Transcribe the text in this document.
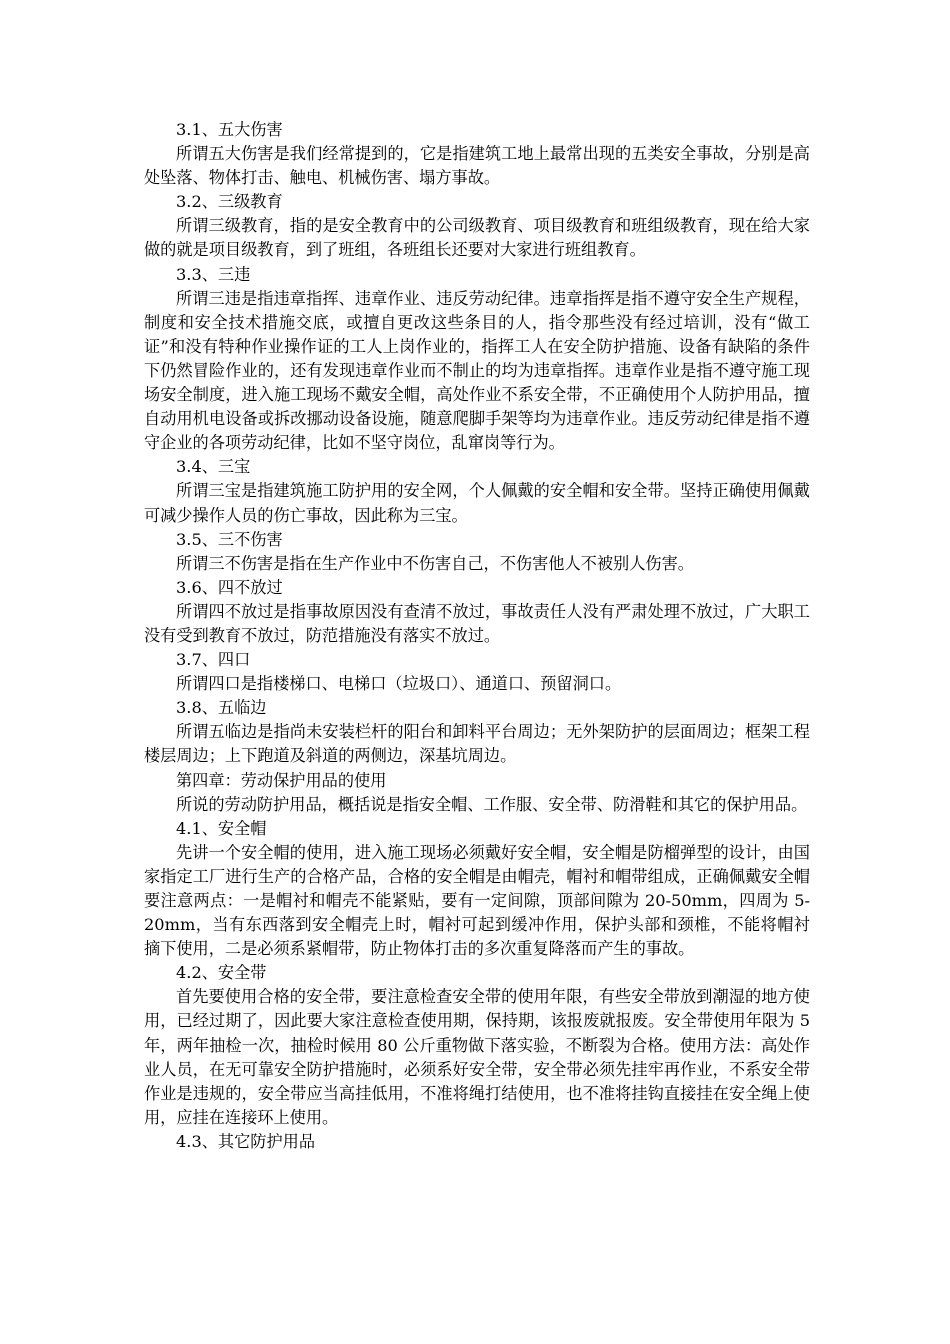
3.1、五大伤害

所谓五大伤害是我们经常提到的，它是指建筑工地上最常出现的五类安全事故，分别是高处坠落、物体打击、触电、机械伤害、塌方事故。

3.2、三级教育

所谓三级教育，指的是安全教育中的公司级教育、项目级教育和班组级教育，现在给大家做的就是项目级教育，到了班组，各班组长还要对大家进行班组教育。

3.3、三违

所谓三违是指违章指挥、违章作业、违反劳动纪律。违章指挥是指不遵守安全生产规程，制度和安全技术措施交底，或擅自更改这些条目的人，指令那些没有经过培训，没有“做工证”和没有特种作业操作证的工人上岗作业的，指挥工人在安全防护措施、设备有缺陷的条件下仍然冒险作业的，还有发现违章作业而不制止的均为违章指挥。违章作业是指不遵守施工现场安全制度，进入施工现场不戴安全帽，高处作业不系安全带，不正确使用个人防护用品，擅自动用机电设备或拆改挪动设备设施，随意爬脚手架等均为违章作业。违反劳动纪律是指不遵守企业的各项劳动纪律，比如不坚守岗位，乱窜岗等行为。

3.4、三宝

所谓三宝是指建筑施工防护用的安全网，个人佩戴的安全帽和安全带。坚持正确使用佩戴可减少操作人员的伤亡事故，因此称为三宝。

3.5、三不伤害

所谓三不伤害是指在生产作业中不伤害自己，不伤害他人不被别人伤害。

3.6、四不放过

所谓四不放过是指事故原因没有查清不放过，事故责任人没有严肃处理不放过，广大职工没有受到教育不放过，防范措施没有落实不放过。

3.7、四口

所谓四口是指楼梯口、电梯口（垃圾口）、通道口、预留洞口。

3.8、五临边

所谓五临边是指尚未安装栏杆的阳台和卸料平台周边；无外架防护的层面周边；框架工程楼层周边；上下跑道及斜道的两侧边，深基坑周边。

第四章：劳动保护用品的使用

所说的劳动防护用品，概括说是指安全帽、工作服、安全带、防滑鞋和其它的保护用品。

4.1、安全帽

先讲一个安全帽的使用，进入施工现场必须戴好安全帽，安全帽是防榴弹型的设计，由国家指定工厂进行生产的合格产品，合格的安全帽是由帽壳，帽衬和帽带组成，正确佩戴安全帽要注意两点：一是帽衬和帽壳不能紧贴，要有一定间隙，顶部间隙为 20-50mm，四周为 5-20mm，当有东西落到安全帽壳上时，帽衬可起到缓冲作用，保护头部和颈椎，不能将帽衬摘下使用，二是必须系紧帽带，防止物体打击的多次重复降落而产生的事故。

4.2、安全带

首先要使用合格的安全带，要注意检查安全带的使用年限，有些安全带放到潮湿的地方使用，已经过期了，因此要大家注意检查使用期，保持期，该报废就报废。安全带使用年限为 5 年，两年抽检一次，抽检时候用 80 公斤重物做下落实验，不断裂为合格。使用方法：高处作业人员，在无可靠安全防护措施时，必须系好安全带，安全带必须先挂牢再作业，不系安全带作业是违规的，安全带应当高挂低用，不准将绳打结使用，也不准将挂钩直接挂在安全绳上使用，应挂在连接环上使用。

4.3、其它防护用品
